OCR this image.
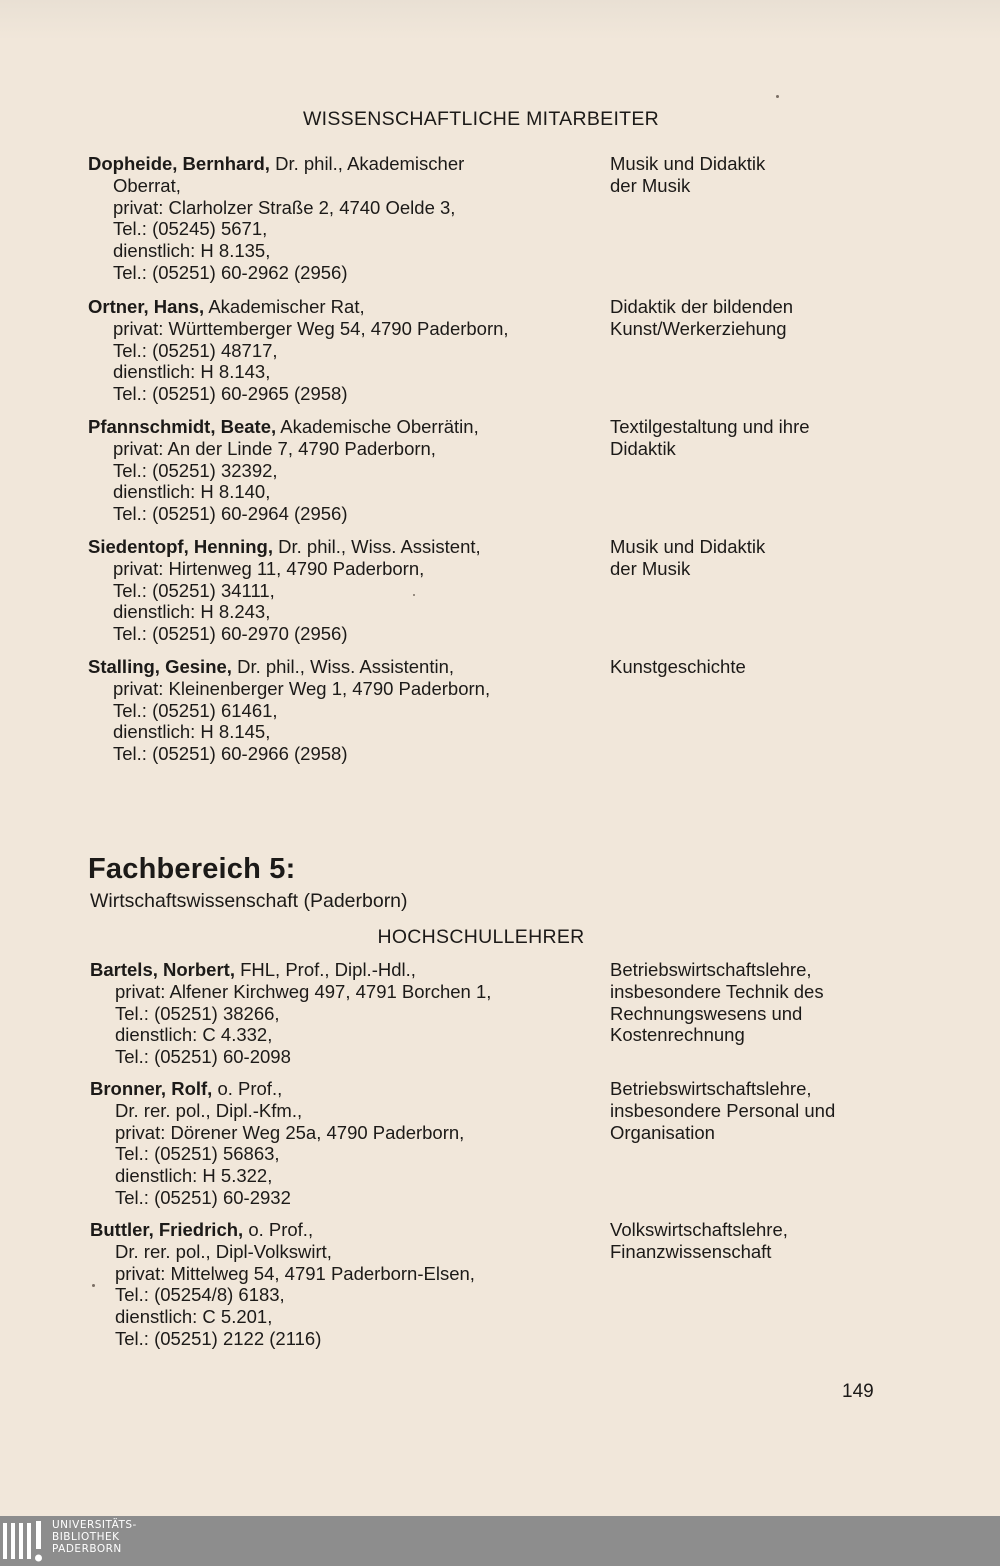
WISSENSCHAFTLICHE MITARBEITER
Dopheide, Bernhard, Dr. phil., Akademischer
Oberrat,
privat: Clarholzer Straße 2, 4740 Oelde 3,
Tel.: (05245) 5671,
dienstlich: H 8.135,
Tel.: (05251) 60-2962 (2956)
Musik und Didaktik
der Musik
Ortner, Hans, Akademischer Rat,
privat: Württemberger Weg 54, 4790 Paderborn,
Tel.: (05251) 48717,
dienstlich: H 8.143,
Tel.: (05251) 60-2965 (2958)
Didaktik der bildenden
Kunst/Werkerziehung
Pfannschmidt, Beate, Akademische Oberrätin,
privat: An der Linde 7, 4790 Paderborn,
Tel.: (05251) 32392,
dienstlich: H 8.140,
Tel.: (05251) 60-2964 (2956)
Textilgestaltung und ihre
Didaktik
Siedentopf, Henning, Dr. phil., Wiss. Assistent,
privat: Hirtenweg 11, 4790 Paderborn,
Tel.: (05251) 34111,
dienstlich: H 8.243,
Tel.: (05251) 60-2970 (2956)
Musik und Didaktik
der Musik
Stalling, Gesine, Dr. phil., Wiss. Assistentin,
privat: Kleinenberger Weg 1, 4790 Paderborn,
Tel.: (05251) 61461,
dienstlich: H 8.145,
Tel.: (05251) 60-2966 (2958)
Kunstgeschichte
Fachbereich 5:
Wirtschaftswissenschaft (Paderborn)
HOCHSCHULLEHRER
Bartels, Norbert, FHL, Prof., Dipl.-Hdl.,
privat: Alfener Kirchweg 497, 4791 Borchen 1,
Tel.: (05251) 38266,
dienstlich: C 4.332,
Tel.: (05251) 60-2098
Betriebswirtschaftslehre,
insbesondere Technik des
Rechnungswesens und
Kostenrechnung
Bronner, Rolf, o. Prof.,
Dr. rer. pol., Dipl.-Kfm.,
privat: Dörener Weg 25a, 4790 Paderborn,
Tel.: (05251) 56863,
dienstlich: H 5.322,
Tel.: (05251) 60-2932
Betriebswirtschaftslehre,
insbesondere Personal und
Organisation
Buttler, Friedrich, o. Prof.,
Dr. rer. pol., Dipl-Volkswirt,
privat: Mittelweg 54, 4791 Paderborn-Elsen,
Tel.: (05254/8) 6183,
dienstlich: C 5.201,
Tel.: (05251) 2122 (2116)
Volkswirtschaftslehre,
Finanzwissenschaft
149
UNIVERSITÄTS-
BIBLIOTHEK
PADERBORN
